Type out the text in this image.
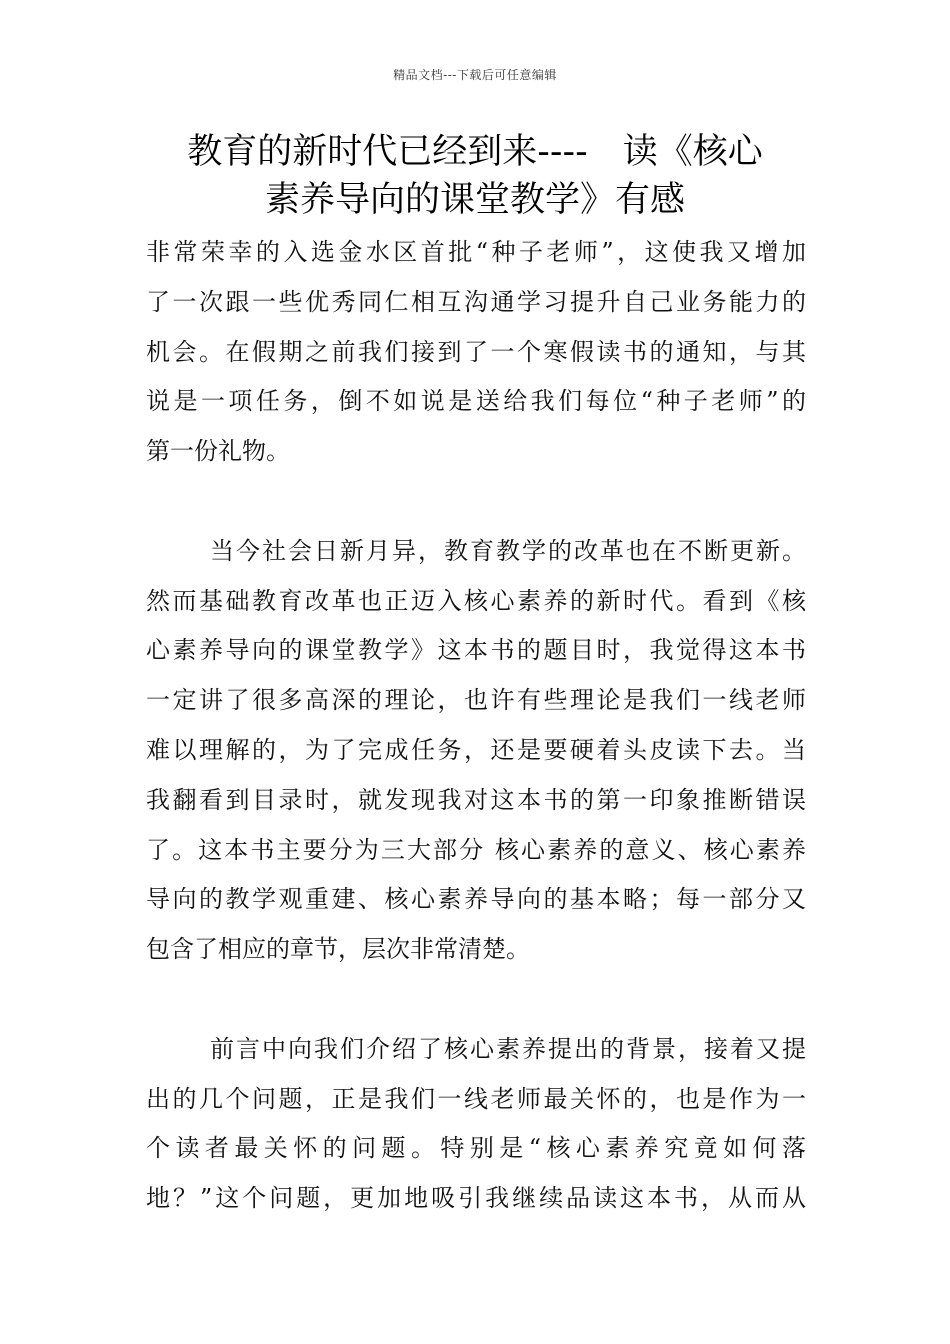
精品文档---下载后可任意编辑
教育的新时代已经到来----　读《核心
素养导向的课堂教学》有感

非常荣幸的入选金水区首批“种子老师”，这使我又增加
了一次跟一些优秀同仁相互沟通学习提升自己业务能力的
机会。在假期之前我们接到了一个寒假读书的通知，与其
说是一项任务，倒不如说是送给我们每位“种子老师”的
第一份礼物。

当今社会日新月异，教育教学的改革也在不断更新。
然而基础教育改革也正迈入核心素养的新时代。看到《核
心素养导向的课堂教学》这本书的题目时，我觉得这本书
一定讲了很多高深的理论，也许有些理论是我们一线老师
难以理解的，为了完成任务，还是要硬着头皮读下去。当
我翻看到目录时，就发现我对这本书的第一印象推断错误
了。这本书主要分为三大部分 核心素养的意义、核心素养
导向的教学观重建、核心素养导向的基本略；每一部分又
包含了相应的章节，层次非常清楚。

前言中向我们介绍了核心素养提出的背景，接着又提
出的几个问题，正是我们一线老师最关怀的，也是作为一
个读者最关怀的问题。特别是“核心素养究竟如何落
地？”这个问题，更加地吸引我继续品读这本书，从而从
